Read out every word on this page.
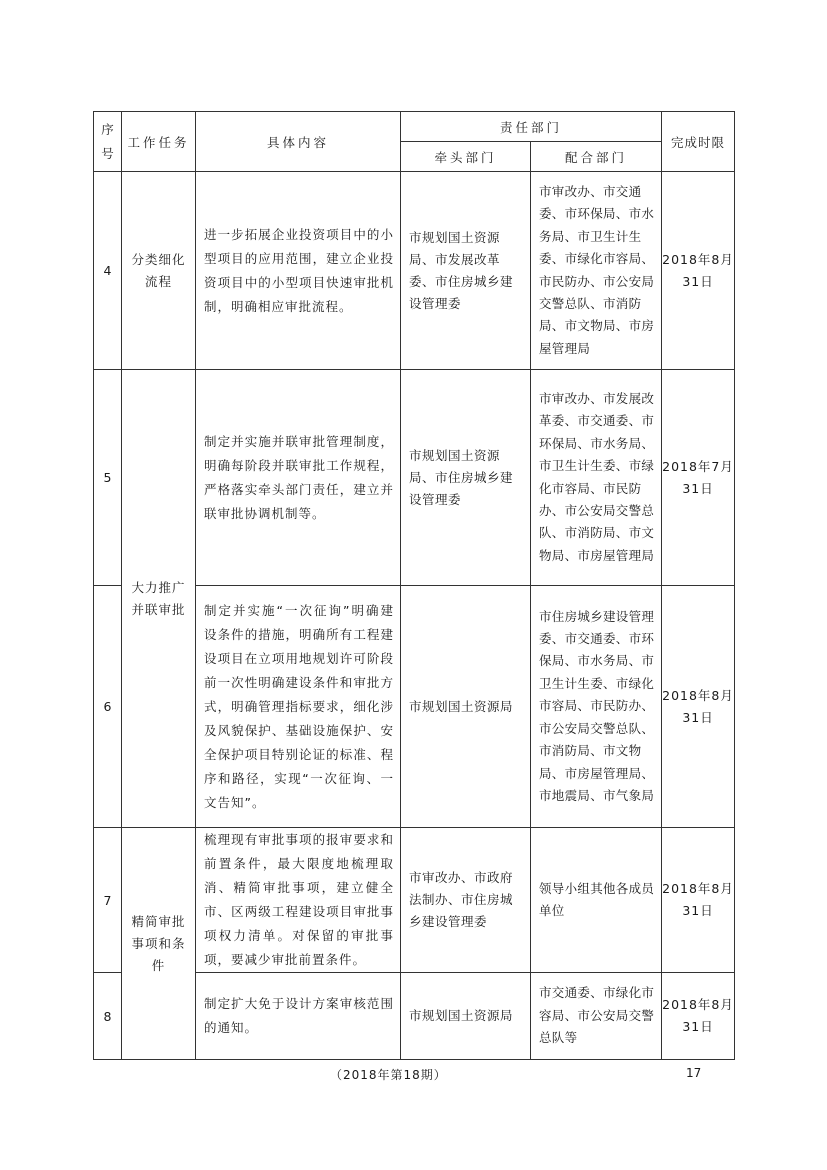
序号	工作任务	具体内容	责任部门		完成时限
			牵头部门	配合部门	
4	分类细化流程	进一步拓展企业投资项目中的小型项目的应用范围，建立企业投资项目中的小型项目快速审批机制，明确相应审批流程。	市规划国土资源局、市发展改革委、市住房城乡建设管理委	市审改办、市交通委、市环保局、市水务局、市卫生计生委、市绿化市容局、市民防办、市公安局交警总队、市消防局、市文物局、市房屋管理局	2018年8月31日
5	大力推广并联审批	制定并实施并联审批管理制度，明确每阶段并联审批工作规程，严格落实牵头部门责任，建立并联审批协调机制等。	市规划国土资源局、市住房城乡建设管理委	市审改办、市发展改革委、市交通委、市环保局、市水务局、市卫生计生委、市绿化市容局、市民防办、市公安局交警总队、市消防局、市文物局、市房屋管理局	2018年7月31日
6		制定并实施“一次征询”明确建设条件的措施，明确所有工程建设项目在立项用地规划许可阶段前一次性明确建设条件和审批方式，明确管理指标要求，细化涉及风貌保护、基础设施保护、安全保护项目特别论证的标准、程序和路径，实现“一次征询、一文告知”。	市规划国土资源局	市住房城乡建设管理委、市交通委、市环保局、市水务局、市卫生计生委、市绿化市容局、市民防办、市公安局交警总队、市消防局、市文物局、市房屋管理局、市地震局、市气象局	2018年8月31日
7	精简审批事项和条件	梳理现有审批事项的报审要求和前置条件，最大限度地梳理取消、精简审批事项，建立健全市、区两级工程建设项目审批事项权力清单。对保留的审批事项，要减少审批前置条件。	市审改办、市政府法制办、市住房城乡建设管理委	领导小组其他各成员单位	2018年8月31日
8		制定扩大免于设计方案审核范围的通知。	市规划国土资源局	市交通委、市绿化市容局、市公安局交警总队等	2018年8月31日
（2018年第18期）	17
